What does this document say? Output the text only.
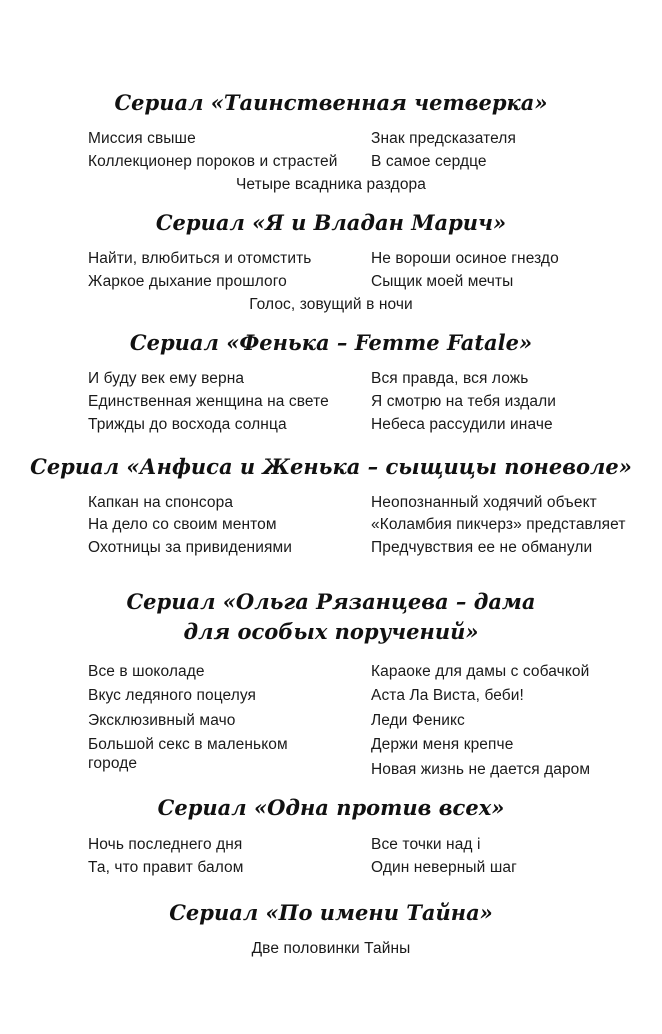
Сериал «Таинственная четверка»
Миссия свыше
Коллекционер пороков и страстей
Знак предсказателя
В самое сердце
Четыре всадника раздора
Сериал «Я и Владан Марич»
Найти, влюбиться и отомстить
Жаркое дыхание прошлого
Не вороши осиное гнездо
Сыщик моей мечты
Голос, зовущий в ночи
Сериал «Фенька – Femme Fatale»
И буду век ему верна
Единственная женщина на свете
Трижды до восхода солнца
Вся правда, вся ложь
Я смотрю на тебя издали
Небеса рассудили иначе
Сериал «Анфиса и Женька – сыщицы поневоле»
Капкан на спонсора
На дело со своим ментом
Охотницы за привидениями
Неопознанный ходячий объект
«Коламбия пикчерз» представляет
Предчувствия ее не обманули
Сериал «Ольга Рязанцева – дама
для особых поручений»
Все в шоколаде
Вкус ледяного поцелуя
Эксклюзивный мачо
Большой секс в маленьком городе
Караоке для дамы с собачкой
Аста Ла Виста, беби!
Леди Феникс
Держи меня крепче
Новая жизнь не дается даром
Сериал «Одна против всех»
Ночь последнего дня
Та, что правит балом
Все точки над i
Один неверный шаг
Сериал «По имени Тайна»
Две половинки Тайны
